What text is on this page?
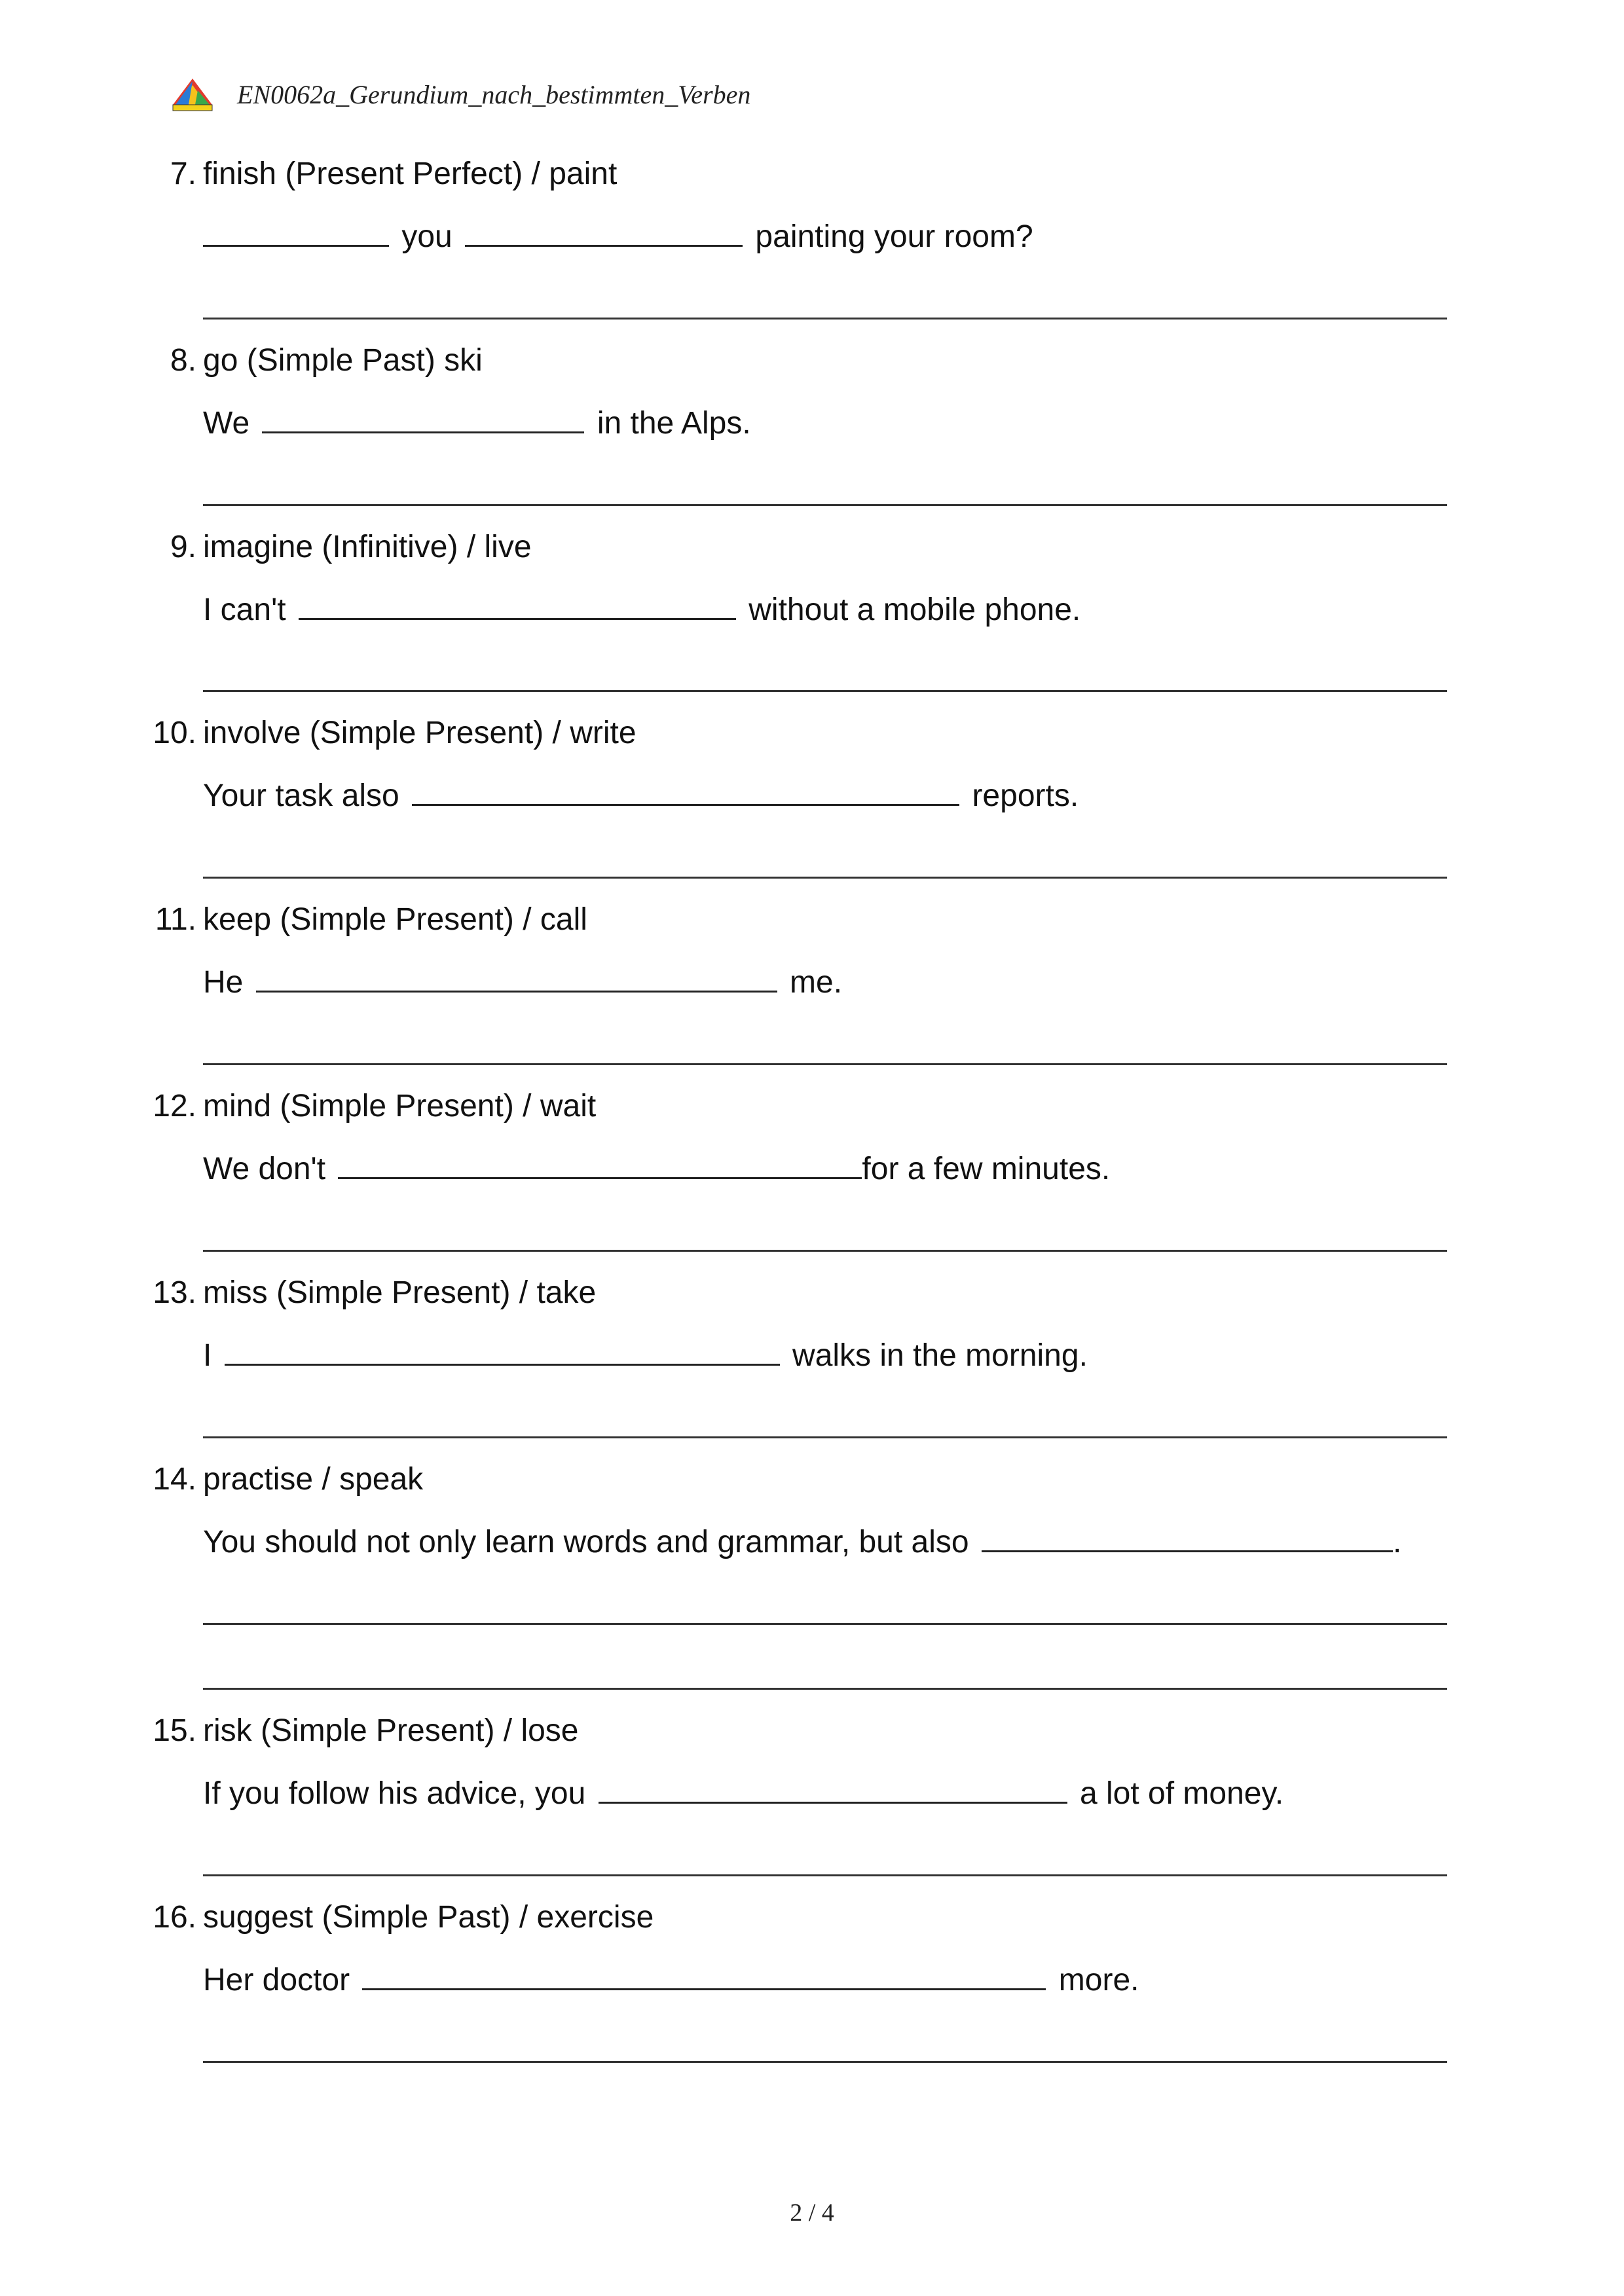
EN0062a_Gerundium_nach_bestimmten_Verben
7. finish (Present Perfect) / paint
you	painting your room?
8. go (Simple Past) ski
We	in the Alps.
9. imagine (Infinitive) / live
I can't	without a mobile phone.
10. involve (Simple Present) / write
Your task also	reports.
11. keep (Simple Present) / call
He	me.
12. mind (Simple Present) / wait
We don't	for a few minutes.
13. miss (Simple Present) / take
I	walks in the morning.
14. practise / speak
You should not only learn words and grammar, but also	.
15. risk (Simple Present) / lose
If you follow his advice, you	a lot of money.
16. suggest (Simple Past) / exercise
Her doctor	more.
2 / 4
